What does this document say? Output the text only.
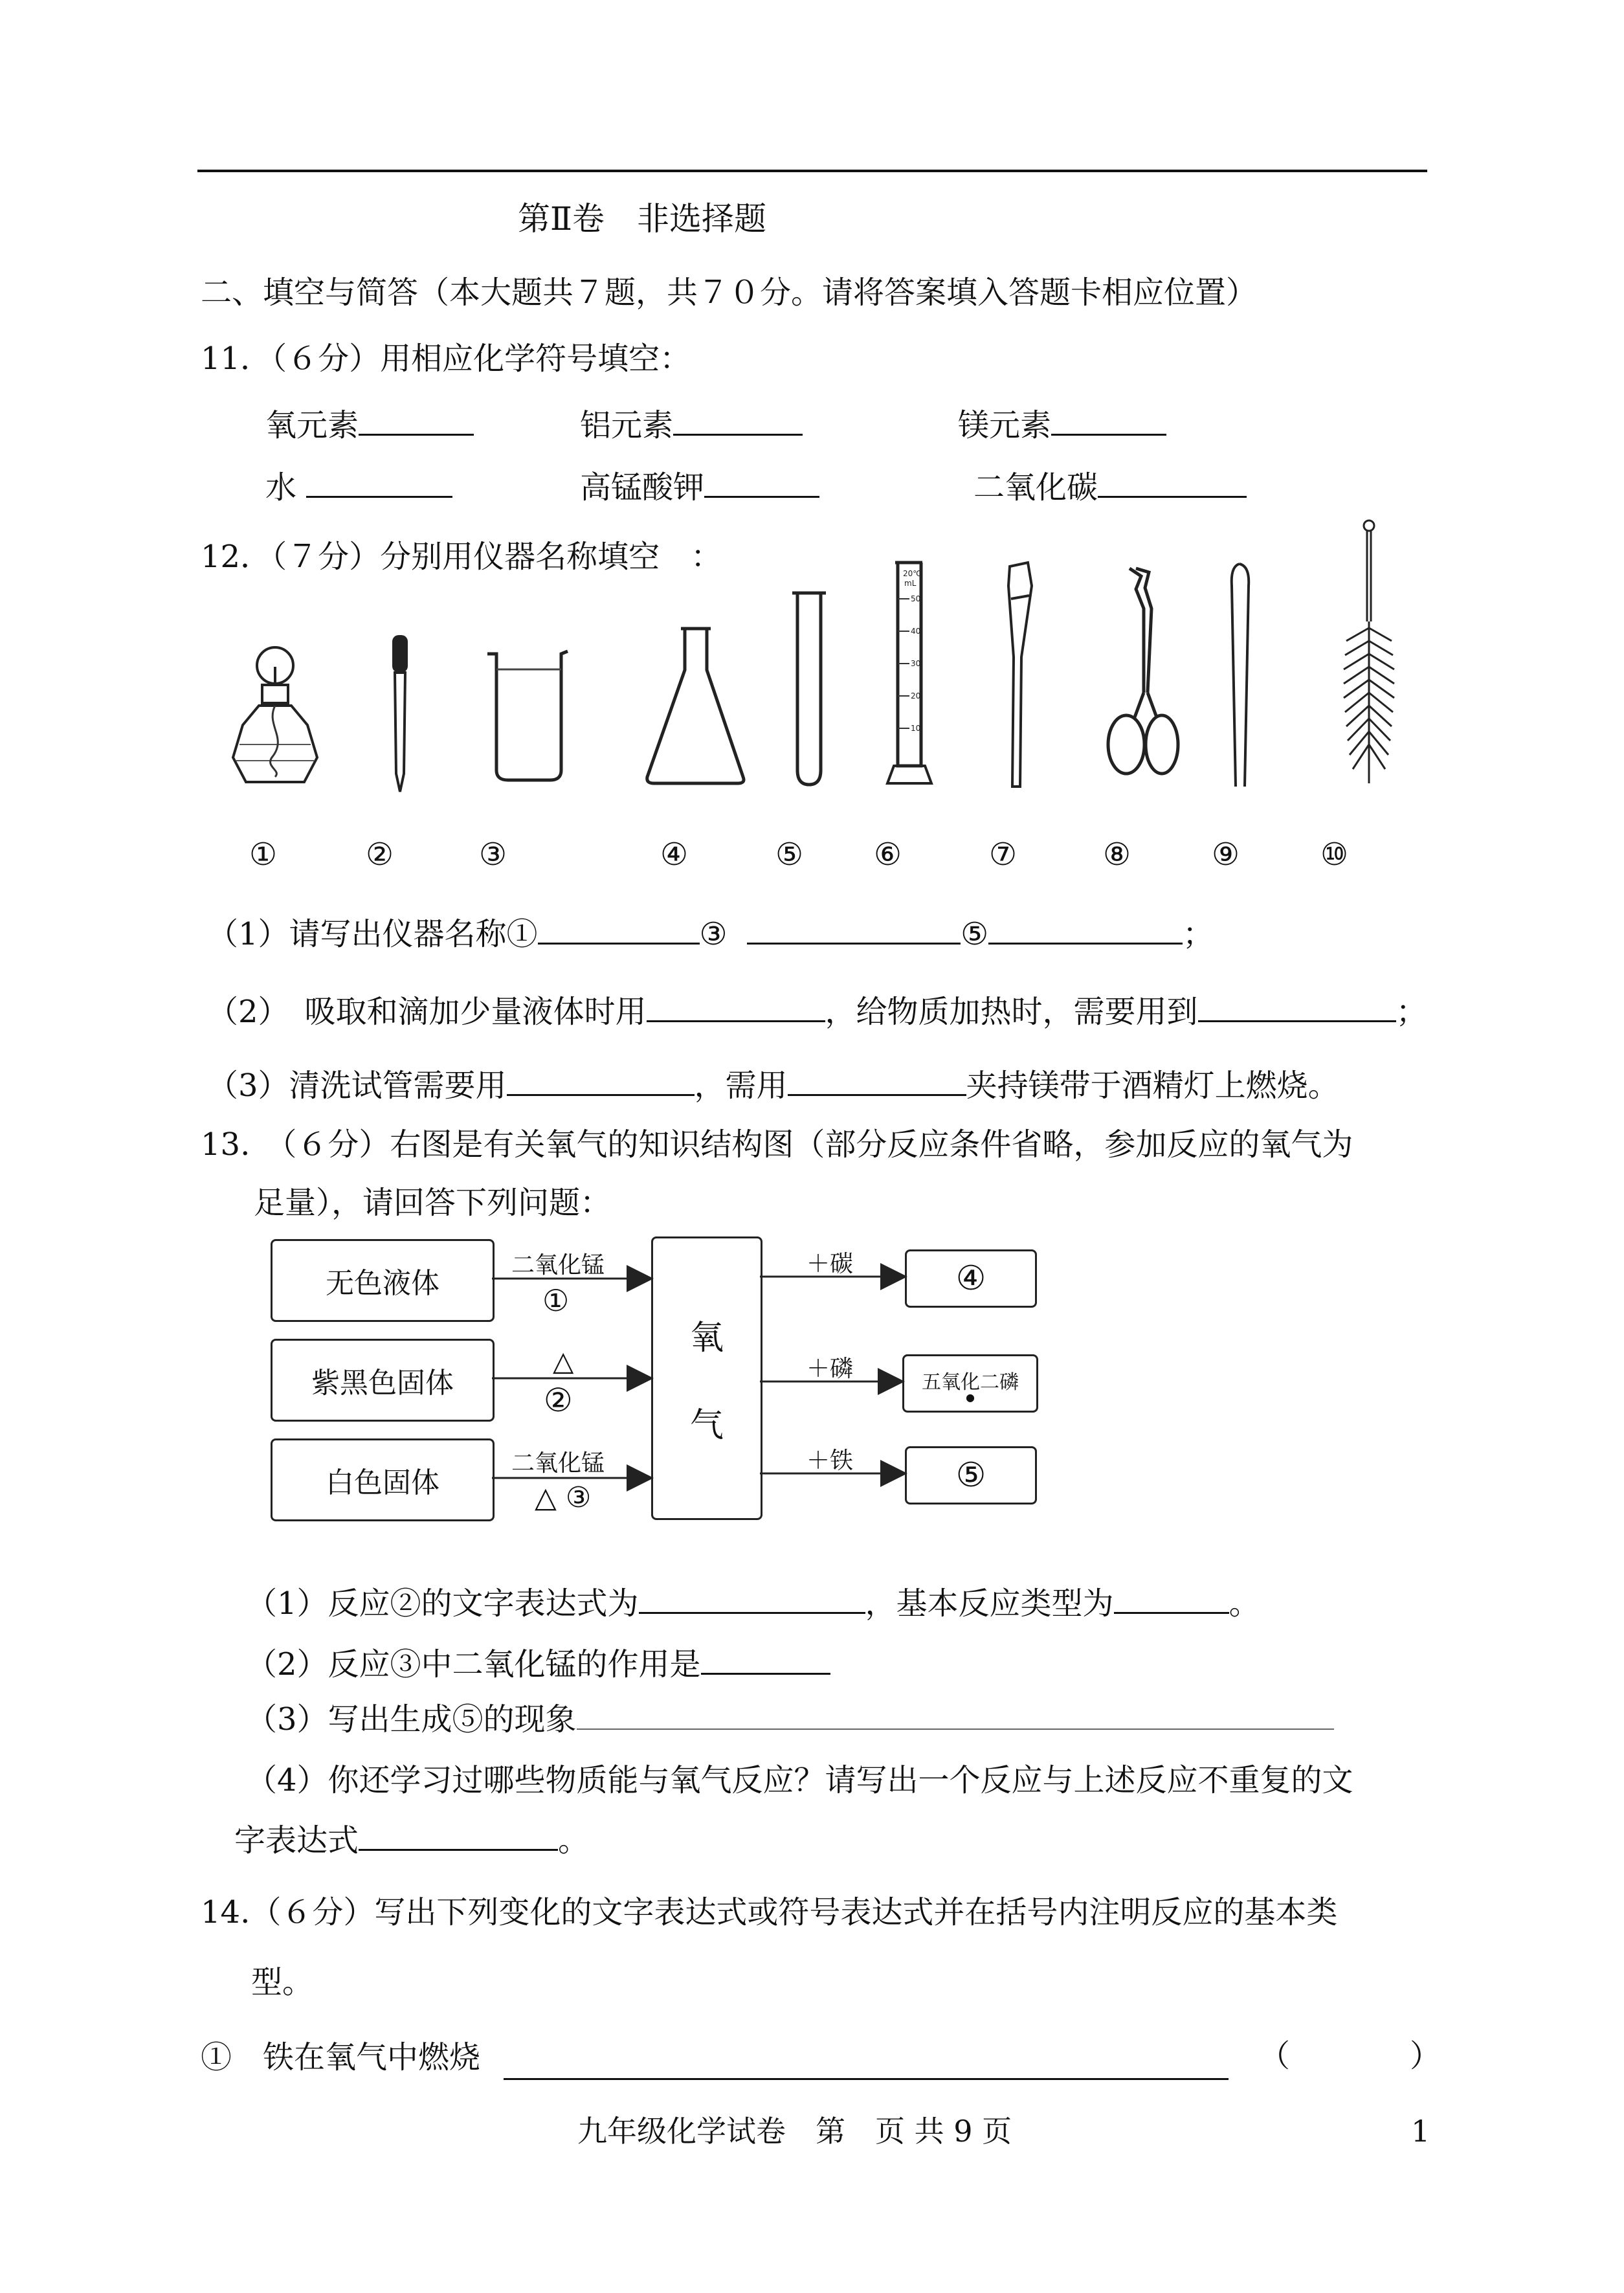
第Ⅱ卷　非选择题
二、填空与简答（本大题共７题，共７０分。请将答案填入答题卡相应位置）
11．（６分）用相应化学符号填空：
氧元素	铝元素	镁元素
水	高锰酸钾	二氧化碳
12．（７分）分别用仪器名称填空　：	20℃
mL
50
40
30
20
10
①	②	③	④	⑤ ⑥	⑦	⑧	⑨	⑩
（1）请写出仪器名称①	③	⑤	；
（2）　吸取和滴加少量液体时用	，给物质加热时，需要用到	；
（3）清洗试管需要用	，需用	夹持镁带于酒精灯上燃烧。
13.　（６分）右图是有关氧气的知识结构图（部分反应条件省略，参加反应的氧气为
足量），请回答下列问题：
无色液体
紫黑色固体
白色固体
氧
气
④
五氧化二磷
●
⑤
二氧化锰
①
△
②
二氧化锰
△ ③
＋碳
＋磷
＋铁
（1）反应②的文字表达式为	，基本反应类型为	。
（2）反应③中二氧化锰的作用是
（3）写出生成⑤的现象
（4）你还学习过哪些物质能与氧气反应？请写出一个反应与上述反应不重复的文
字表达式	。
14.（６分）写出下列变化的文字表达式或符号表达式并在括号内注明反应的基本类
型。
①　铁在氧气中燃烧	（	）
九年级化学试卷　第　页 共 9 页	1
